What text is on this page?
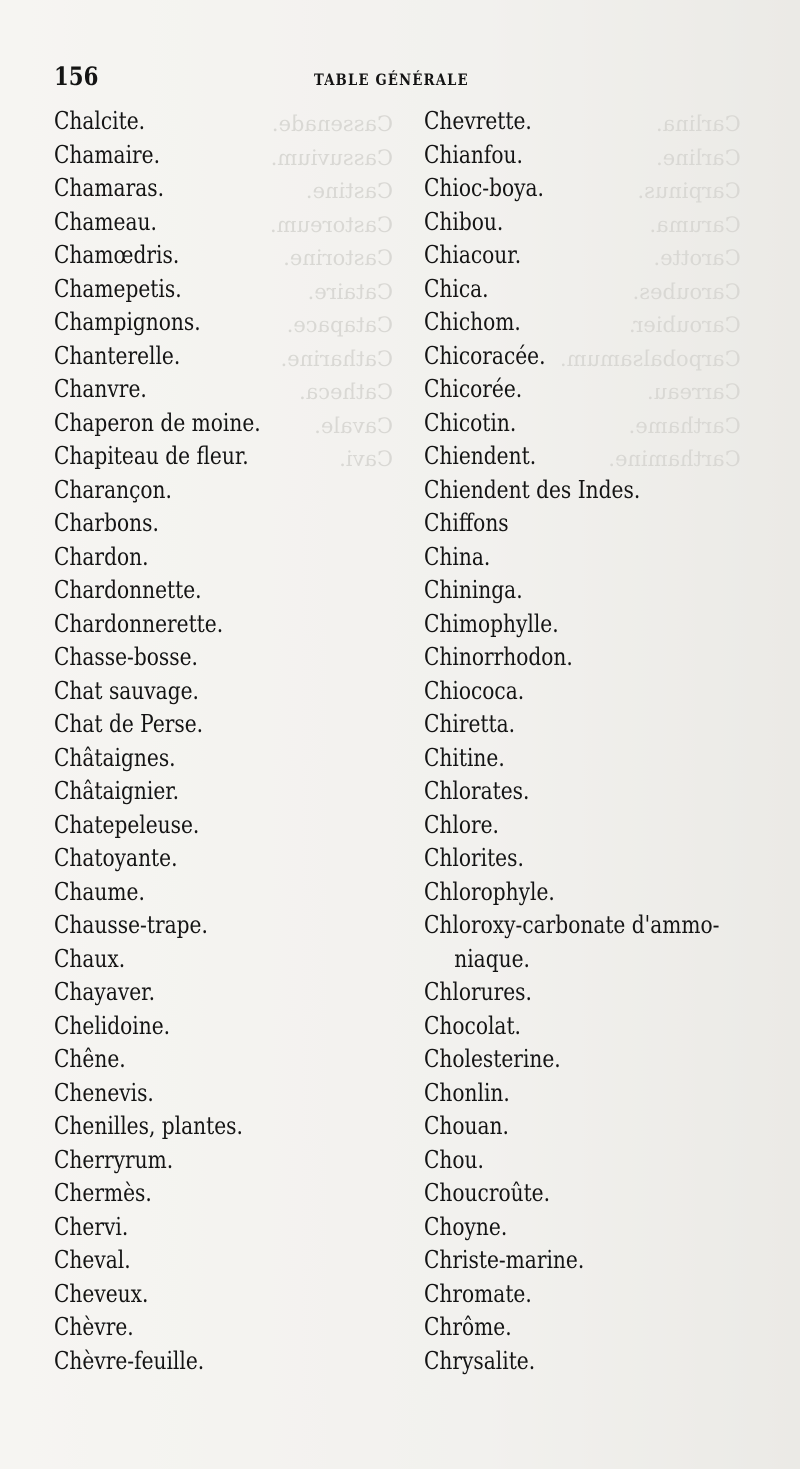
Carlina.
Carline.
Carpinus.
Caruma.
Carotte.
Caroubes.
Caroubier.
Carpobalsamum.
Carreau.
Carthame.
Carthamine.
Cassenade.
Cassuvium.
Castine.
Castoreum.
Castorine.
Cataire.
Catapace.
Catharine.
Catheca.
Cavale.
Cavi.
156	TABLE GÉNÉRALE
Chalcite.
Chamaire.
Chamaras.
Chameau.
Chamœdris.
Chamepetis.
Champignons.
Chanterelle.
Chanvre.
Chaperon de moine.
Chapiteau de fleur.
Charançon.
Charbons.
Chardon.
Chardonnette.
Chardonnerette.
Chasse-bosse.
Chat sauvage.
Chat de Perse.
Châtaignes.
Châtaignier.
Chatepeleuse.
Chatoyante.
Chaume.
Chausse-trape.
Chaux.
Chayaver.
Chelidoine.
Chêne.
Chenevis.
Chenilles, plantes.
Cherryrum.
Chermès.
Chervi.
Cheval.
Cheveux.
Chèvre.
Chèvre-feuille.
Chevrette.
Chianfou.
Chioc-boya.
Chibou.
Chiacour.
Chica.
Chichom.
Chicoracée.
Chicorée.
Chicotin.
Chiendent.
Chiendent des Indes.
Chiffons
China.
Chininga.
Chimophylle.
Chinorrhodon.
Chiococa.
Chiretta.
Chitine.
Chlorates.
Chlore.
Chlorites.
Chlorophyle.
Chloroxy-carbonate d'ammo-
niaque.
Chlorures.
Chocolat.
Cholesterine.
Chonlin.
Chouan.
Chou.
Choucroûte.
Choyne.
Christe-marine.
Chromate.
Chrôme.
Chrysalite.
